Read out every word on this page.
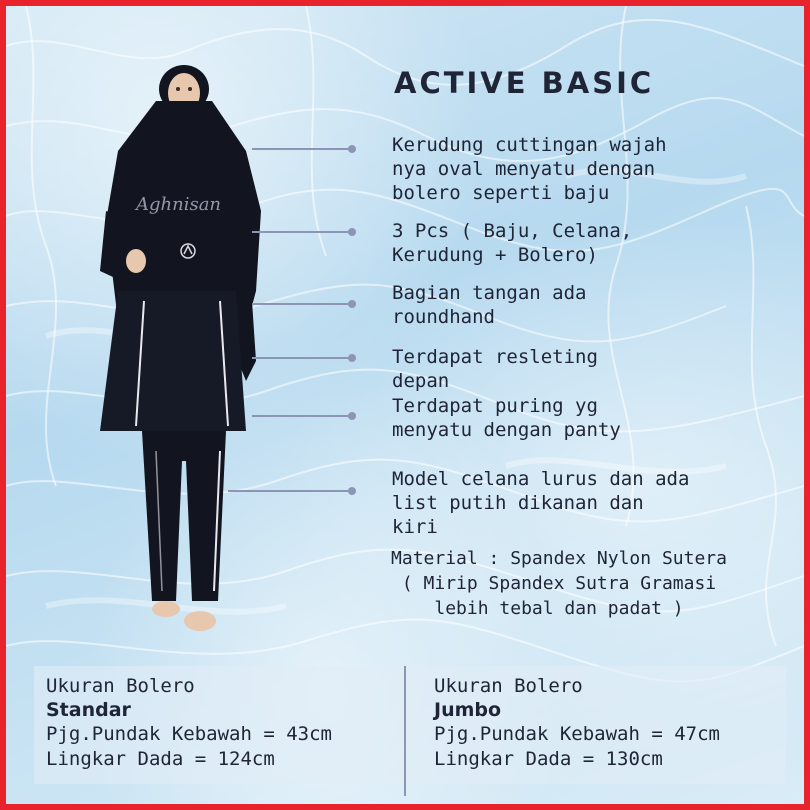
ACTIVE BASIC
Aghnisan

Kerudung cuttingan wajah
nya oval menyatu dengan
bolero seperti baju

3 Pcs ( Baju, Celana,
Kerudung + Bolero)

Bagian tangan ada
roundhand

Terdapat resleting
depan

Terdapat puring yg
menyatu dengan panty

Model celana lurus dan ada
list putih dikanan dan
kiri

Material : Spandex Nylon Sutera
( Mirip Spandex Sutra Gramasi
lebih tebal dan padat )
Ukuran Bolero
Standar
Pjg.Pundak Kebawah = 43cm
Lingkar Dada = 124cm
Ukuran Bolero
Jumbo
Pjg.Pundak Kebawah = 47cm
Lingkar Dada = 130cm
